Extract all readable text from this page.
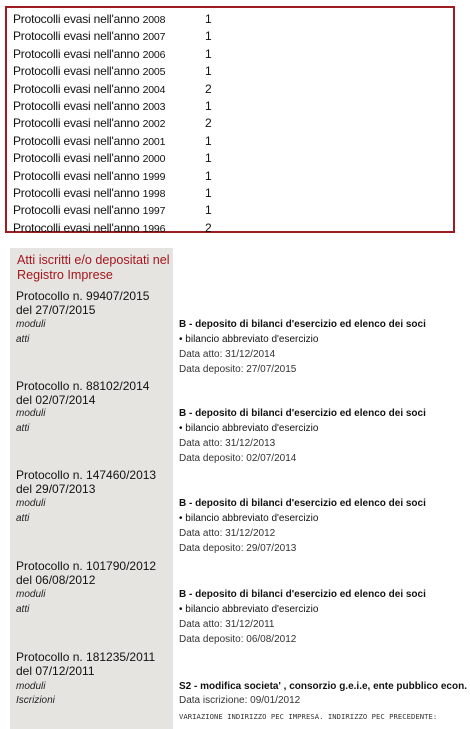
Protocolli evasi nell'anno 2008	1
Protocolli evasi nell'anno 2007	1
Protocolli evasi nell'anno 2006	1
Protocolli evasi nell'anno 2005	1
Protocolli evasi nell'anno 2004	2
Protocolli evasi nell'anno 2003	1
Protocolli evasi nell'anno 2002	2
Protocolli evasi nell'anno 2001	1
Protocolli evasi nell'anno 2000	1
Protocolli evasi nell'anno 1999	1
Protocolli evasi nell'anno 1998	1
Protocolli evasi nell'anno 1997	1
Protocolli evasi nell'anno 1996	2
Atti iscritti e/o depositati nel
Registro Imprese
Protocollo n. 99407/2015
del 27/07/2015
moduli	B - deposito di bilanci d'esercizio ed elenco dei soci
atti	• bilancio abbreviato d'esercizio
Data atto: 31/12/2014
Data deposito: 27/07/2015
Protocollo n. 88102/2014
del 02/07/2014
moduli	B - deposito di bilanci d'esercizio ed elenco dei soci
atti	• bilancio abbreviato d'esercizio
Data atto: 31/12/2013
Data deposito: 02/07/2014
Protocollo n. 147460/2013
del 29/07/2013
moduli	B - deposito di bilanci d'esercizio ed elenco dei soci
atti	• bilancio abbreviato d'esercizio
Data atto: 31/12/2012
Data deposito: 29/07/2013
Protocollo n. 101790/2012
del 06/08/2012
moduli	B - deposito di bilanci d'esercizio ed elenco dei soci
atti	• bilancio abbreviato d'esercizio
Data atto: 31/12/2011
Data deposito: 06/08/2012
Protocollo n. 181235/2011
del 07/12/2011
moduli	S2 - modifica societa' , consorzio g.e.i.e, ente pubblico econ.
Iscrizioni	Data iscrizione: 09/01/2012
VARIAZIONE INDIRIZZO PEC IMPRESA. INDIRIZZO PEC PRECEDENTE:
